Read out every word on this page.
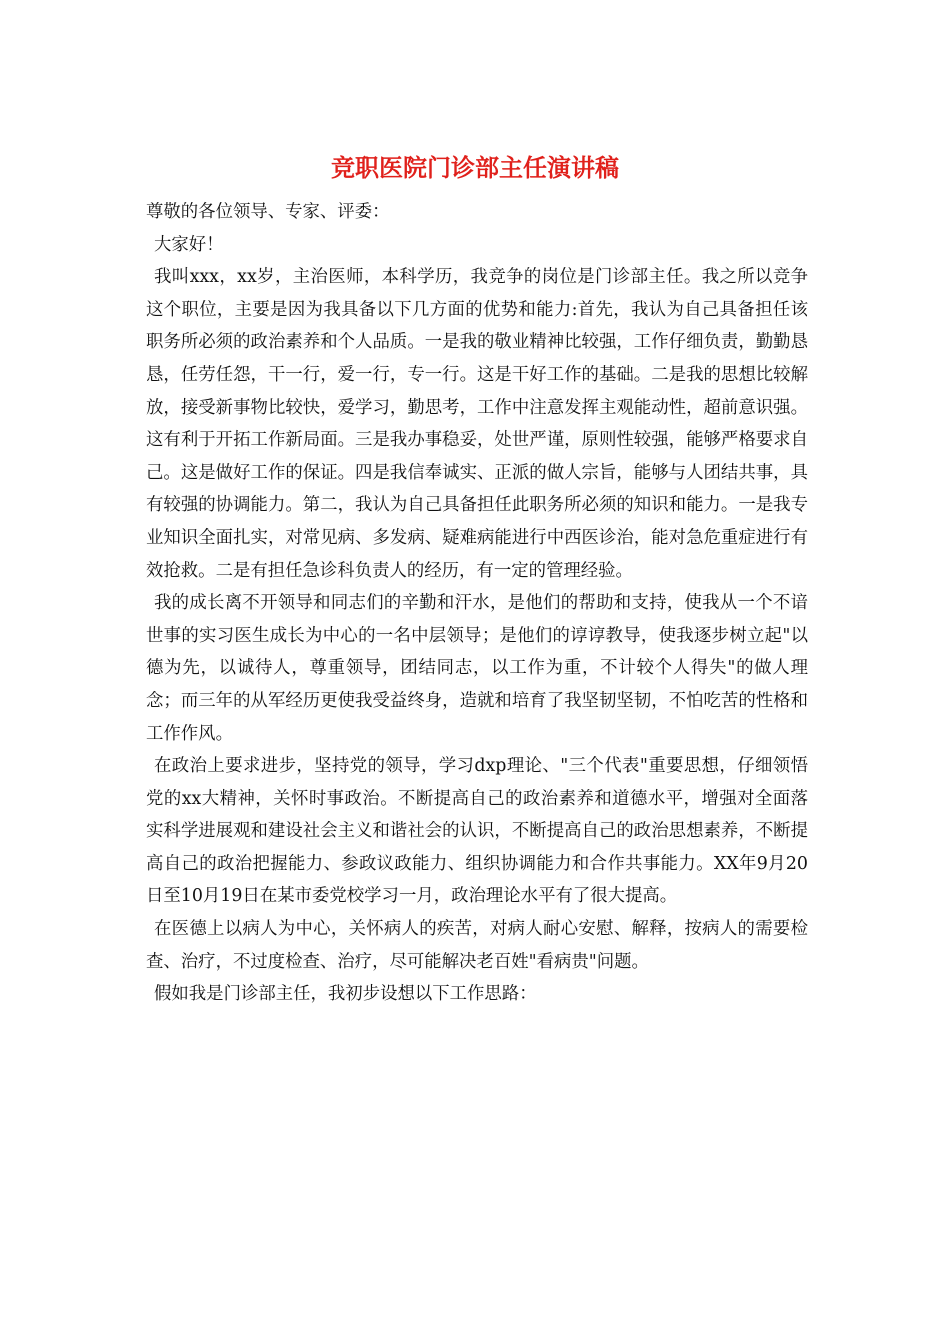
竞职医院门诊部主任演讲稿

尊敬的各位领导、专家、评委：

大家好！

我叫xxx，xx岁，主治医师，本科学历，我竞争的岗位是门诊部主任。我之所以竞争这个职位，主要是因为我具备以下几方面的优势和能力:首先，我认为自己具备担任该职务所必须的政治素养和个人品质。一是我的敬业精神比较强，工作仔细负责，勤勤恳恳，任劳任怨，干一行，爱一行，专一行。这是干好工作的基础。二是我的思想比较解放，接受新事物比较快，爱学习，勤思考，工作中注意发挥主观能动性，超前意识强。这有利于开拓工作新局面。三是我办事稳妥，处世严谨，原则性较强，能够严格要求自己。这是做好工作的保证。四是我信奉诚实、正派的做人宗旨，能够与人团结共事，具有较强的协调能力。第二，我认为自己具备担任此职务所必须的知识和能力。一是我专业知识全面扎实，对常见病、多发病、疑难病能进行中西医诊治，能对急危重症进行有效抢救。二是有担任急诊科负责人的经历，有一定的管理经验。

我的成长离不开领导和同志们的辛勤和汗水，是他们的帮助和支持，使我从一个不谙世事的实习医生成长为中心的一名中层领导；是他们的谆谆教导，使我逐步树立起"以德为先，以诚待人，尊重领导，团结同志，以工作为重，不计较个人得失"的做人理念；而三年的从军经历更使我受益终身，造就和培育了我坚韧坚韧，不怕吃苦的性格和工作作风。

在政治上要求进步，坚持党的领导，学习dxp理论、"三个代表"重要思想，仔细领悟党的xx大精神，关怀时事政治。不断提高自己的政治素养和道德水平，增强对全面落实科学进展观和建设社会主义和谐社会的认识，不断提高自己的政治思想素养，不断提高自己的政治把握能力、参政议政能力、组织协调能力和合作共事能力。XX年9月20日至10月19日在某市委党校学习一月，政治理论水平有了很大提高。

在医德上以病人为中心，关怀病人的疾苦，对病人耐心安慰、解释，按病人的需要检查、治疗，不过度检查、治疗，尽可能解决老百姓"看病贵"问题。

假如我是门诊部主任，我初步设想以下工作思路：
